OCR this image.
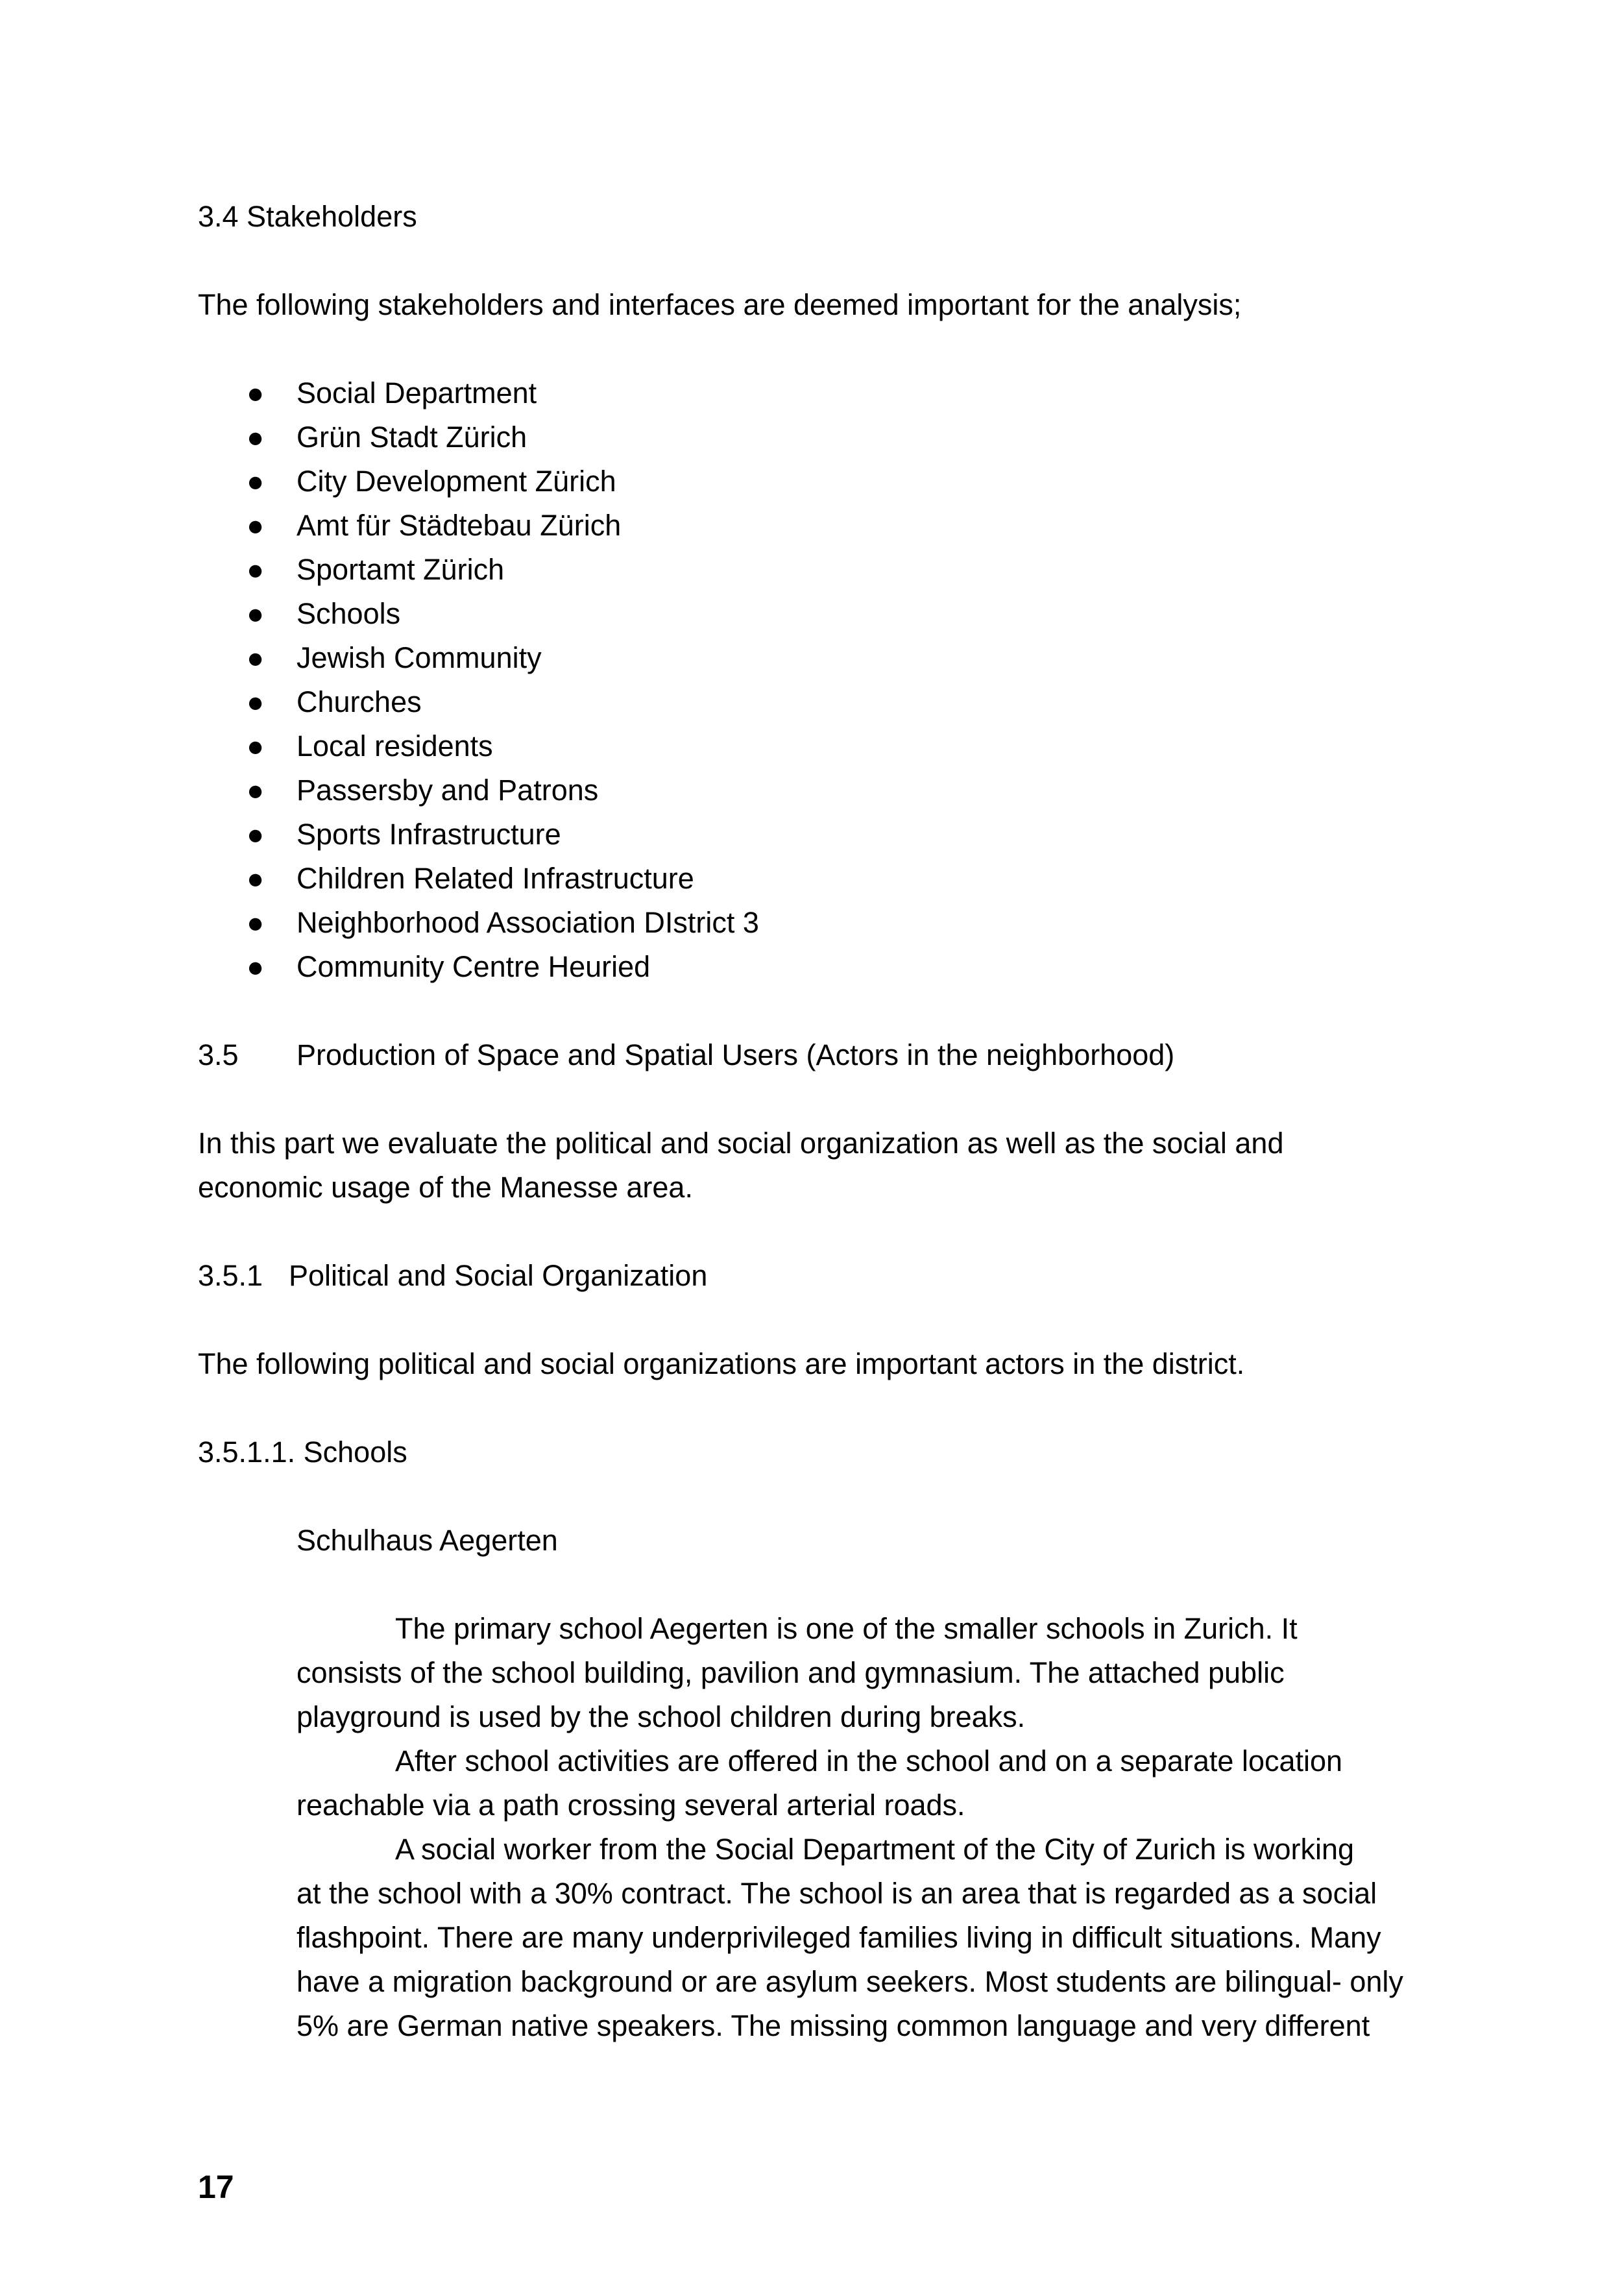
3.4 Stakeholders
The following stakeholders and interfaces are deemed important for the analysis;
● Social Department
● Grün Stadt Zürich
● City Development Zürich
● Amt für Städtebau Zürich
● Sportamt Zürich
● Schools
● Jewish Community
● Churches
● Local residents
● Passersby and Patrons
● Sports Infrastructure
● Children Related Infrastructure
● Neighborhood Association DIstrict 3
● Community Centre Heuried
3.5 Production of Space and Spatial Users (Actors in the neighborhood)
In this part we evaluate the political and social organization as well as the social and
economic usage of the Manesse area.
3.5.1 Political and Social Organization
The following political and social organizations are important actors in the district.
3.5.1.1. Schools
Schulhaus Aegerten
The primary school Aegerten is one of the smaller schools in Zurich. It
consists of the school building, pavilion and gymnasium. The attached public
playground is used by the school children during breaks.
After school activities are offered in the school and on a separate location
reachable via a path crossing several arterial roads.
A social worker from the Social Department of the City of Zurich is working
at the school with a 30% contract. The school is an area that is regarded as a social
flashpoint. There are many underprivileged families living in difficult situations. Many
have a migration background or are asylum seekers. Most students are bilingual- only
5% are German native speakers. The missing common language and very different
17
